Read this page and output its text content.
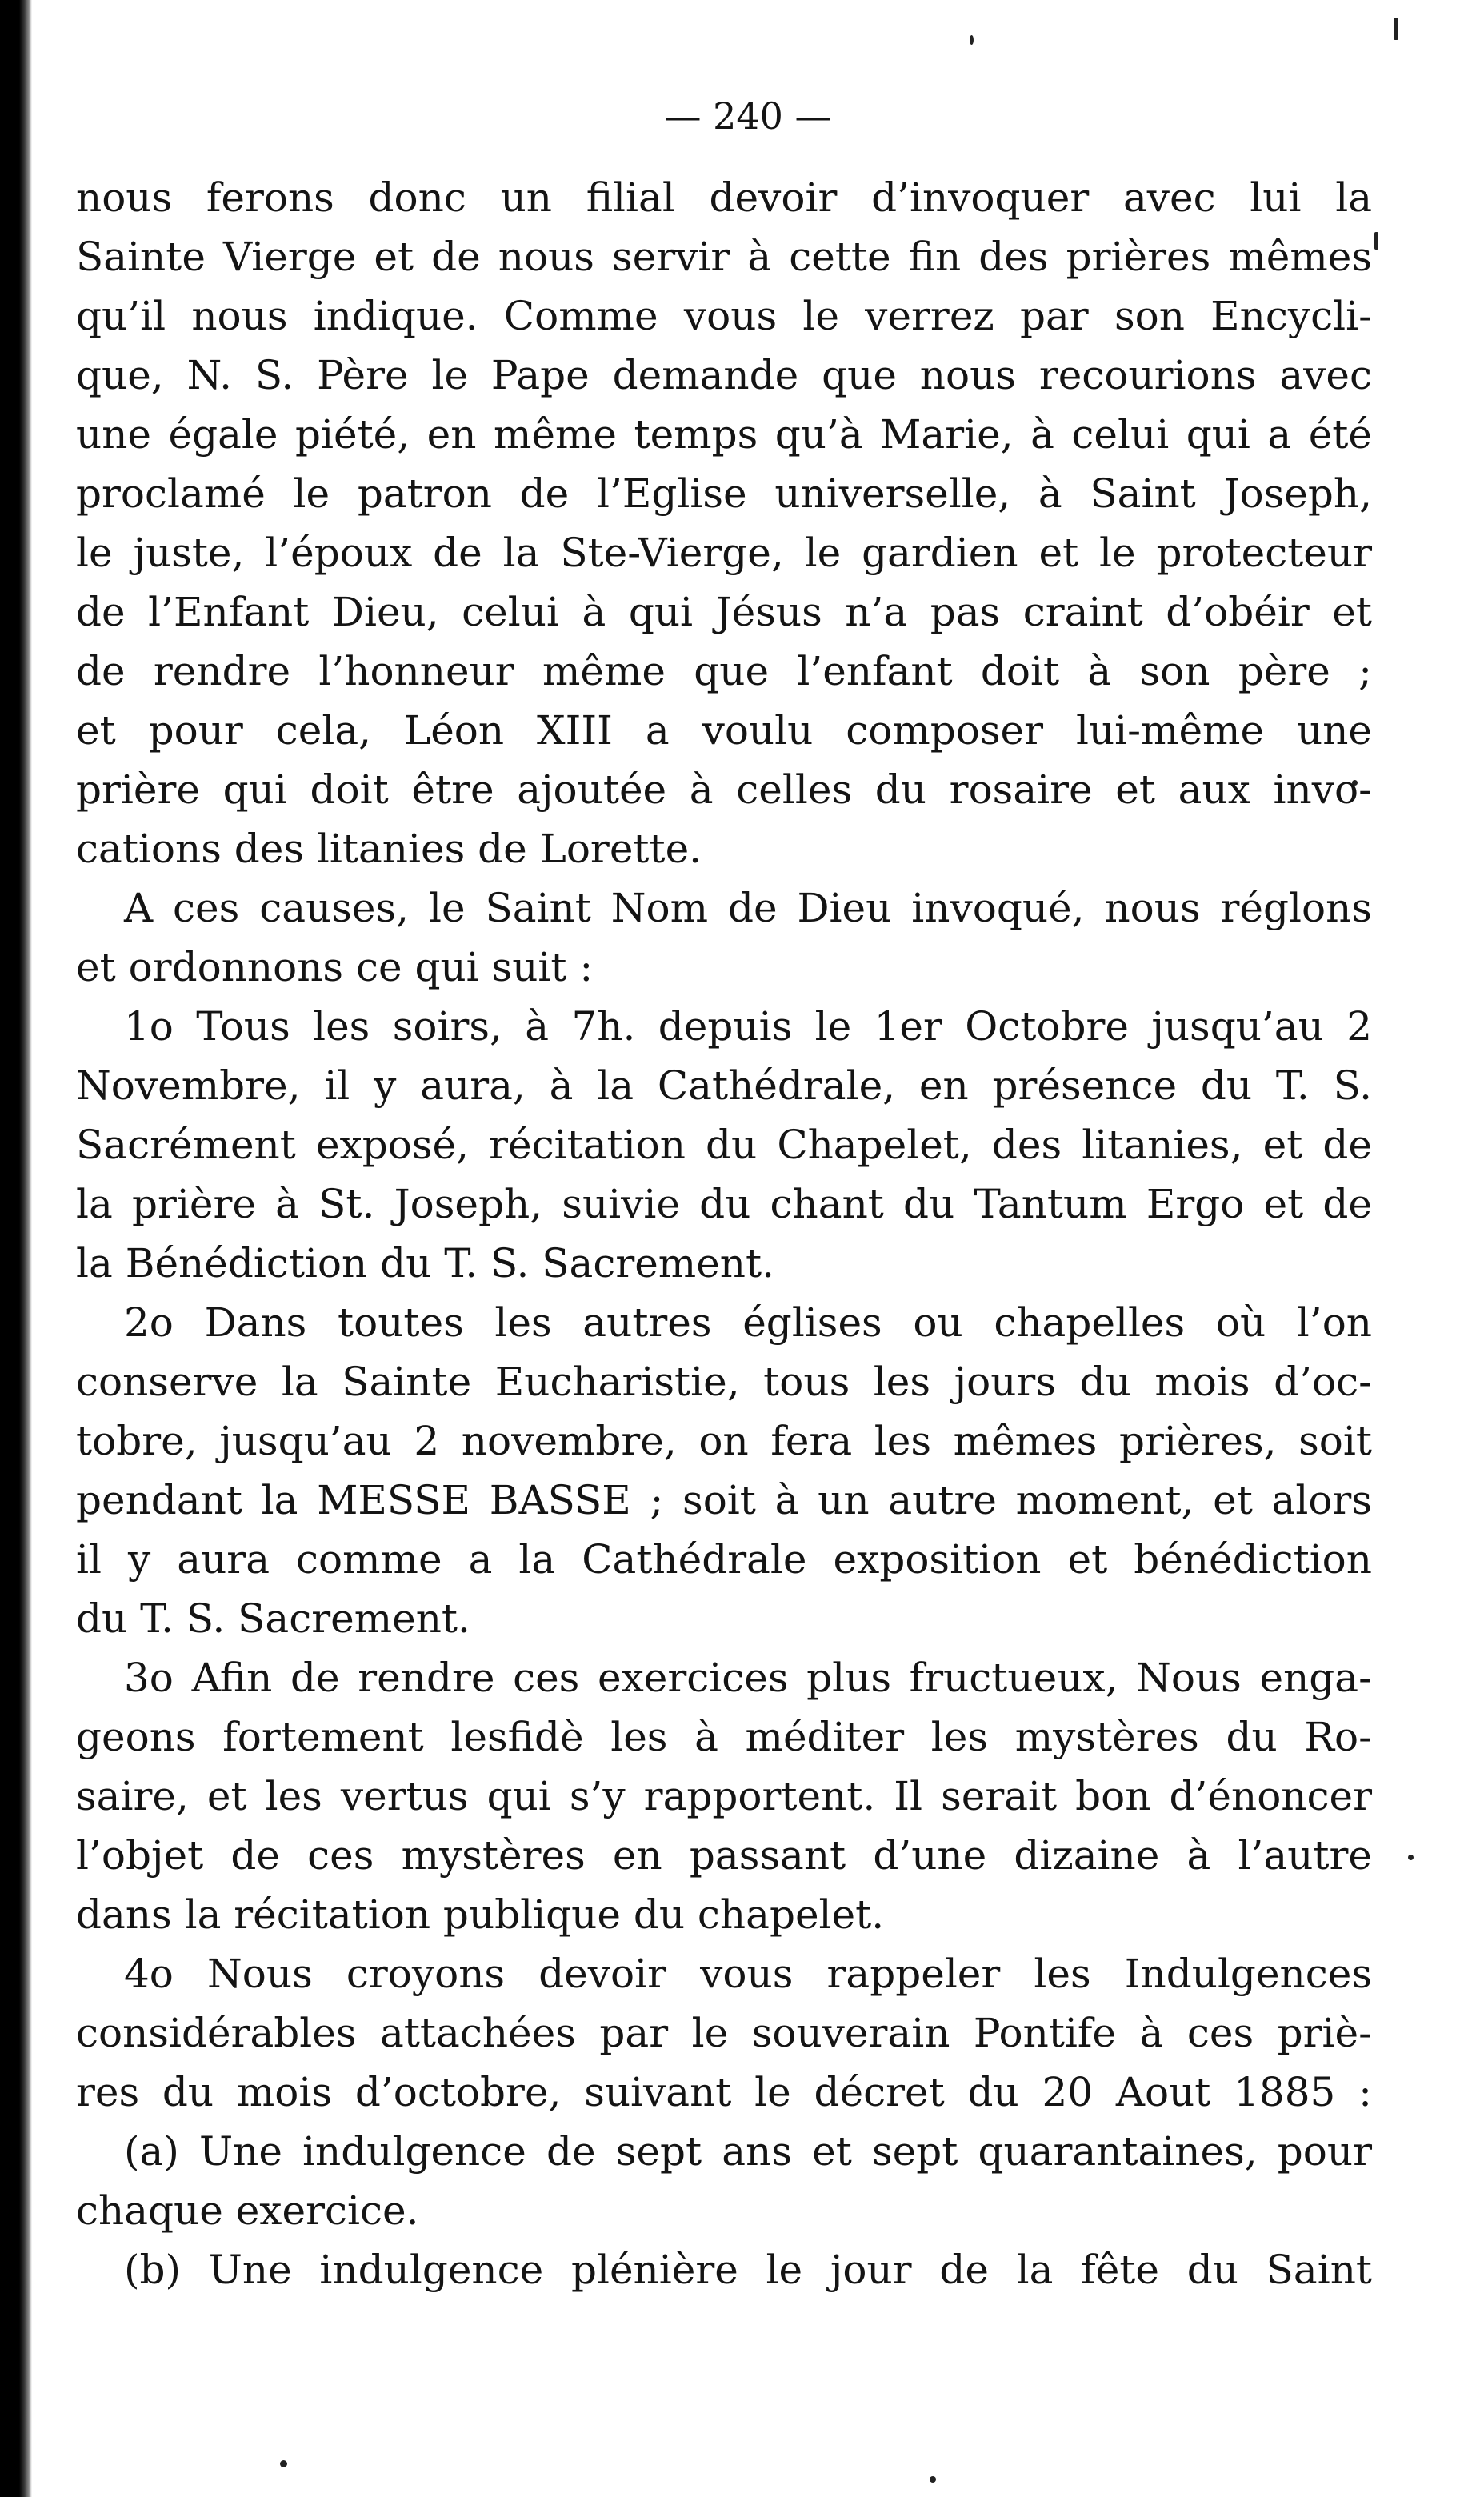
— 240 —
nous ferons donc un filial devoir d’invoquer avec lui la
Sainte Vierge et de nous servir à cette fin des prières mêmes
qu’il nous indique. Comme vous le verrez par son Encycli-
que, N. S. Père le Pape demande que nous recourions avec
une égale piété, en même temps qu’à Marie, à celui qui a été
proclamé le patron de l’Eglise universelle, à Saint Joseph,
le juste, l’époux de la Ste-Vierge, le gardien et le protecteur
de l’Enfant Dieu, celui à qui Jésus n’a pas craint d’obéir et
de rendre l’honneur même que l’enfant doit à son père ;
et pour cela, Léon XIII a voulu composer lui-même une
prière qui doit être ajoutée à celles du rosaire et aux invo-
cations des litanies de Lorette.
A ces causes, le Saint Nom de Dieu invoqué, nous réglons
et ordonnons ce qui suit :
1o Tous les soirs, à 7h. depuis le 1er Octobre jusqu’au 2
Novembre, il y aura, à la Cathédrale, en présence du T. S.
Sacrément exposé, récitation du Chapelet, des litanies, et de
la prière à St. Joseph, suivie du chant du Tantum Ergo et de
la Bénédiction du T. S. Sacrement.
2o Dans toutes les autres églises ou chapelles où l’on
conserve la Sainte Eucharistie, tous les jours du mois d’oc-
tobre, jusqu’au 2 novembre, on fera les mêmes prières, soit
pendant la MESSE BASSE ; soit à un autre moment, et alors
il y aura comme a la Cathédrale exposition et bénédiction
du T. S. Sacrement.
3o Afin de rendre ces exercices plus fructueux, Nous enga-
geons fortement lesfidè les à méditer les mystères du Ro-
saire, et les vertus qui s’y rapportent. Il serait bon d’énoncer
l’objet de ces mystères en passant d’une dizaine à l’autre
dans la récitation publique du chapelet.
4o Nous croyons devoir vous rappeler les Indulgences
considérables attachées par le souverain Pontife à ces priè-
res du mois d’octobre, suivant le décret du 20 Aout 1885 :
(a) Une indulgence de sept ans et sept quarantaines, pour
chaque exercice.
(b) Une indulgence plénière le jour de la fête du Saint
